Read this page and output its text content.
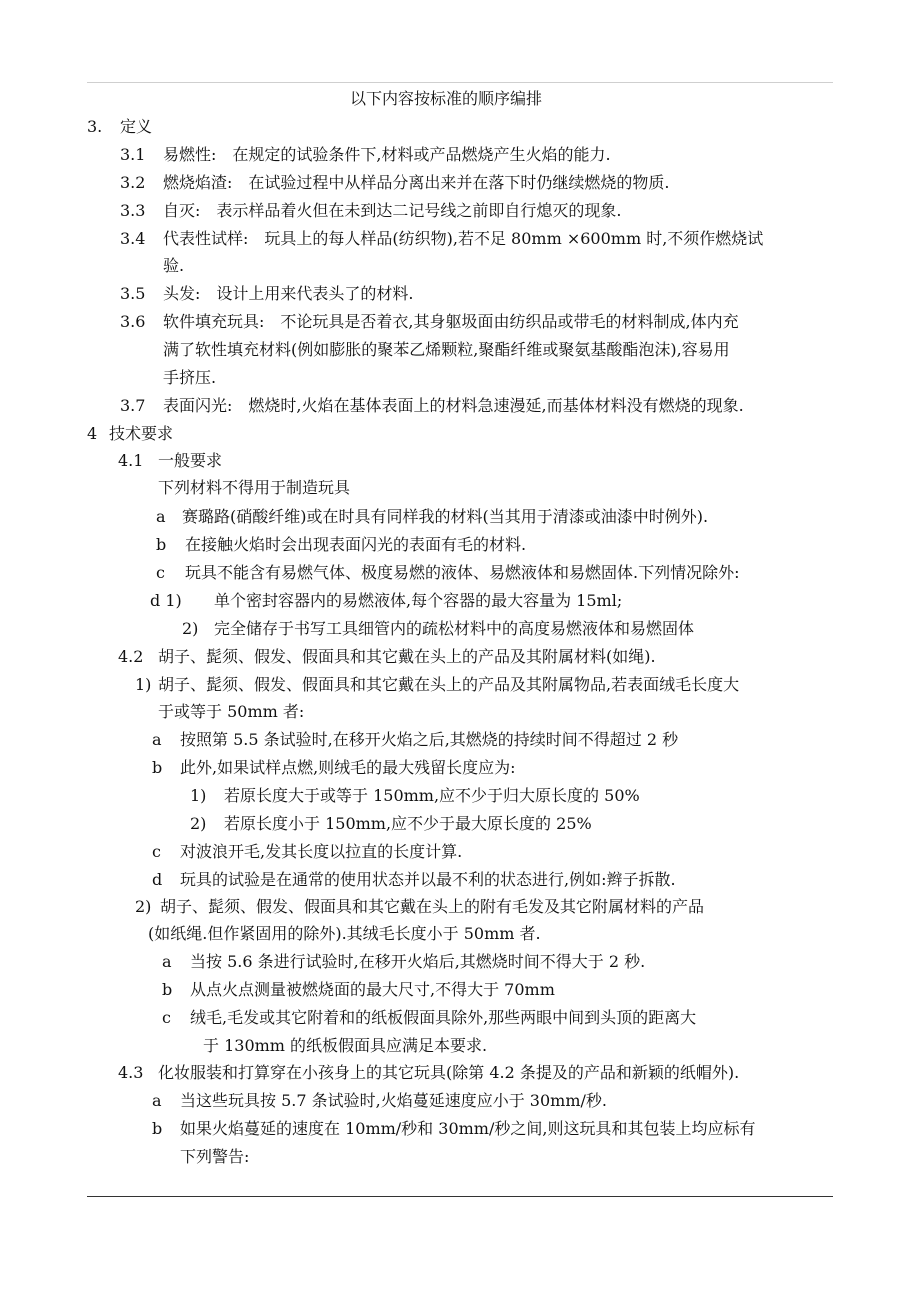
以下内容按标准的顺序编排
3. 定义
3.1 易燃性:　在规定的试验条件下,材料或产品燃烧产生火焰的能力.
3.2 燃烧焰渣:　在试验过程中从样品分离出来并在落下时仍继续燃烧的物质.
3.3 自灭:　表示样品着火但在未到达二记号线之前即自行熄灭的现象.
3.4 代表性试样:　玩具上的每人样品(纺织物),若不足 80mm ×600mm 时,不须作燃烧试
验.
3.5 头发:　设计上用来代表头了的材料.
3.6 软件填充玩具:　不论玩具是否着衣,其身躯圾面由纺织品或带毛的材料制成,体内充
满了软性填充材料(例如膨胀的聚苯乙烯颗粒,聚酯纤维或聚氨基酸酯泡沫),容易用
手挤压.
3.7 表面闪光:　燃烧时,火焰在基体表面上的材料急速漫延,而基体材料没有燃烧的现象.
4 技术要求
4.1 一般要求
下列材料不得用于制造玩具
a 赛璐路(硝酸纤维)或在时具有同样我的材料(当其用于清漆或油漆中时例外).
b 在接触火焰时会出现表面闪光的表面有毛的材料.
c 玩具不能含有易燃气体、极度易燃的液体、易燃液体和易燃固体.下列情况除外:
d 1) 单个密封容器内的易燃液体,每个容器的最大容量为 15ml;
2) 完全储存于书写工具细管内的疏松材料中的高度易燃液体和易燃固体
4.2 胡子、髭须、假发、假面具和其它戴在头上的产品及其附属材料(如绳).
1) 胡子、髭须、假发、假面具和其它戴在头上的产品及其附属物品,若表面绒毛长度大
于或等于 50mm 者:
a 按照第 5.5 条试验时,在移开火焰之后,其燃烧的持续时间不得超过 2 秒
b 此外,如果试样点燃,则绒毛的最大残留长度应为:
1) 若原长度大于或等于 150mm,应不少于归大原长度的 50%
2) 若原长度小于 150mm,应不少于最大原长度的 25%
c 对波浪开毛,发其长度以拉直的长度计算.
d 玩具的试验是在通常的使用状态并以最不利的状态进行,例如:辫子拆散.
2) 胡子、髭须、假发、假面具和其它戴在头上的附有毛发及其它附属材料的产品
(如纸绳.但作紧固用的除外).其绒毛长度小于 50mm 者.
a 当按 5.6 条进行试验时,在移开火焰后,其燃烧时间不得大于 2 秒.
b 从点火点测量被燃烧面的最大尺寸,不得大于 70mm
c 绒毛,毛发或其它附着和的纸板假面具除外,那些两眼中间到头顶的距离大
于 130mm 的纸板假面具应满足本要求.
4.3 化妆服装和打算穿在小孩身上的其它玩具(除第 4.2 条提及的产品和新颖的纸帽外).
a 当这些玩具按 5.7 条试验时,火焰蔓延速度应小于 30mm/秒.
b 如果火焰蔓延的速度在 10mm/秒和 30mm/秒之间,则这玩具和其包装上均应标有
下列警告:
